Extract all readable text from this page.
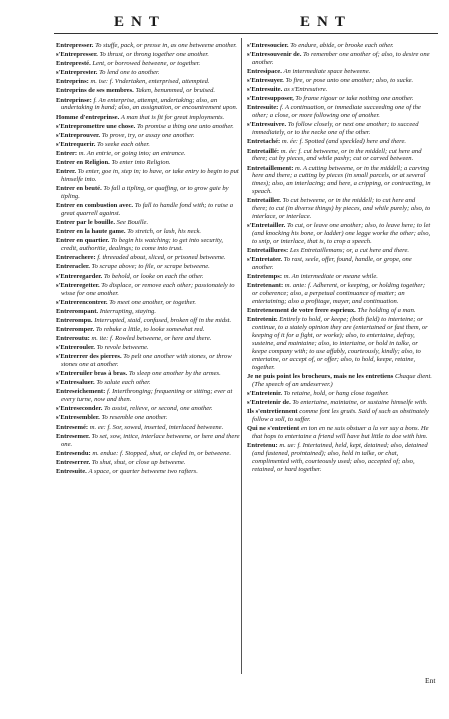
ENT	ENT
Entrepresser. To stuffe, pack, or presse in, as one betweene another.
s'Entrepresser. To thrust, or throng together one another.
Entrepresté. Lent, or borrowed betweene, or together.
s'Entreprester. To lend one to another.
Entreprins: m. ise: f. Vndertaken, enterprised, attempted.
Entreprins de ses membres. Taken, benummed, or bruised.
Entreprinse: f. An enterprise, attempt, undertaking; also, an undertaking in hand; also, an assignation, or encountrement upon.
Homme d'entreprinse. A man that is fit for great imployments.
s'Entrepromettre une chose. To promise a thing one unto another.
s'Entreprouver. To prove, try, or assay one another.
s'Entrequerir. To seeke each other.
Entrer: m. An entrie, or going into; an entrance.
Entrer en Religion. To enter into Religion.
Entrer. To enter, goe in, step in; to have, or take entry to begin to put himselfe into.
Entrer en beuté. To fall a tipling, or quaffing, or to grow gaie by tipling.
Entrer en combustion avec. To fall to handle fond with; to raise a great quarrell against.
Entrer par le bouille. See Bouille.
Entrer en la haute game. To stretch, or lash, his neck.
Entrer en quartier. To begin his watching; to get into security, credit, authoritie, dealings; to come into trust.
Entrerachere: f. threeaded about, sliced, or prisoned betweene.
Entreracler. To scrape above; to file, or scrape betweene.
s'Entreregarder. To behold, or looke on each the other.
s'Entreregetter. To displace, or remove each other; passionately to wisse for one another.
s'Entrerencontrer. To meet one another, or together.
Entrerompant. Interrupting, staying.
Entrerompu. Interrupted, staid, confused, broken off in the midst.
Entreromper. To rebuke a little, to looke somewhat red.
Entreroutu: m. ite: f. Rowled betweene, or here and there.
s'Entrerouler. To revole betweene.
s'Entrerrer des pierres. To pelt one another with stones, or throw stones one at another.
s'Entreruiler bras à bras. To sleep one another by the armes.
s'Entresaluer. To salute each other.
Entreseichement: f. Interthronging; frequenting or sitting; ever at every turne, now and then.
s'Entreseconder. To assist, relieve, or second, one another.
s'Entresembler. To resemble one another.
Entresemé: m. ee: f. Sor, sowed, inserted, interlaced betweene.
Entresemer. To set, sow, intice, interlace betweene, or here and there one.
Entresendu: m. endue: f. Stopped, shut, or clefed in, or betweene.
Entreserrer. To shut, shut, or close up betweene.
Entresuite. A space, or quarter betweene two rafters.
s'Entresoucier. To endure, abide, or brooke each other.
s'Entresouvenir de. To remember one another of; also, to desire one another.
Entresipace. An intermediate space betweene.
s'Entresuyer. To fire, or pose unto one another; also, to sucke.
s'Entresuite. as s'Entresuivre.
s'Entresupposer, To frame rigour or take nothing one another.
Entresuite: f. A continuation, or immediate succeeding one of the other; a close, or more following one of another.
s'Entresuivre. To follow closely, or next one another; to succeed immediately, or to the necke one of the other.
Entretaché: m. ée: f. Spotted (and speckled) here and there.
Entretaillé: m. ée: f. cut betweene, or in the middell; cut here and there; cut by pieces, and while pashy; cut or carved between.
Entretaillement: m. A cutting betweene, or in the middell; a carving here and there; a cutting by pieces (in small parcels, or at several times); also, an interlacing; and here, a cripping, or contracting, in speach.
Entretailler. To cut betweene, or in the middell; to cut here and there; to cut (in diverse things) by pieces, and while purely; also, to interlace, or interlace.
s'Entretailler. To cut, or leave one another; also, to leave here; to let (and knocking his bone, or ladder) one legge worke the other; also, to snip, or interlace, that is, to crop a speech.
Entretaillures: Les Entretaillemans; or, a cut here and there.
s'Entretater. To rast, seele, offer, found, handle, or grope, one another.
Entretemps: m. An intermediate or meane while.
Entretenant: m. ante: f. Adherent, or keeping, or holding together; or coherence; also, a perpetual continuance of matter; an entertaining; also a profitage, mayer, and continuation.
Entretenement de votre frere esprieux. The holding of a man.
Entretenir. Entirely to hold, or keepe; (both field) to interteine; or continue, to a stately opinion they are (entertained or fast them, or keeping of it for a fight, or worke); also, to entertaine, defray, susteine, and maintaine; also, to intertaine, or hold in talke, or keepe company with; to use affably, courteously, kindly; also, to entertaine, or accept of, or offer; also, to hold, keepe, retaine, together.
Je ne puis point les brocheurs, mais ne les entretiens Chaque dient. (The speech of an undeserver.)
s'Entretenir. To retaine, hold, or hang close together.
s'Entretenir de. To entertaine, maintaine, or sustaine himselfe with.
Ils s'entretiennent comme font les gruës. Said of such as obstinately follow a soll, to suffer.
Qui ne s'entretient en ton en ne suis obstuer a la ver suy a bons. He that hops to entertaine a friend will have but little to doe with him.
Entretenu: m. ue: f. Intertained, held, kept, detained; also, detained (and fastened, prointained); also, held in talke, or chat, complimented with, courteously used; also, accepted of; also, retained, or hard together.
Ent
